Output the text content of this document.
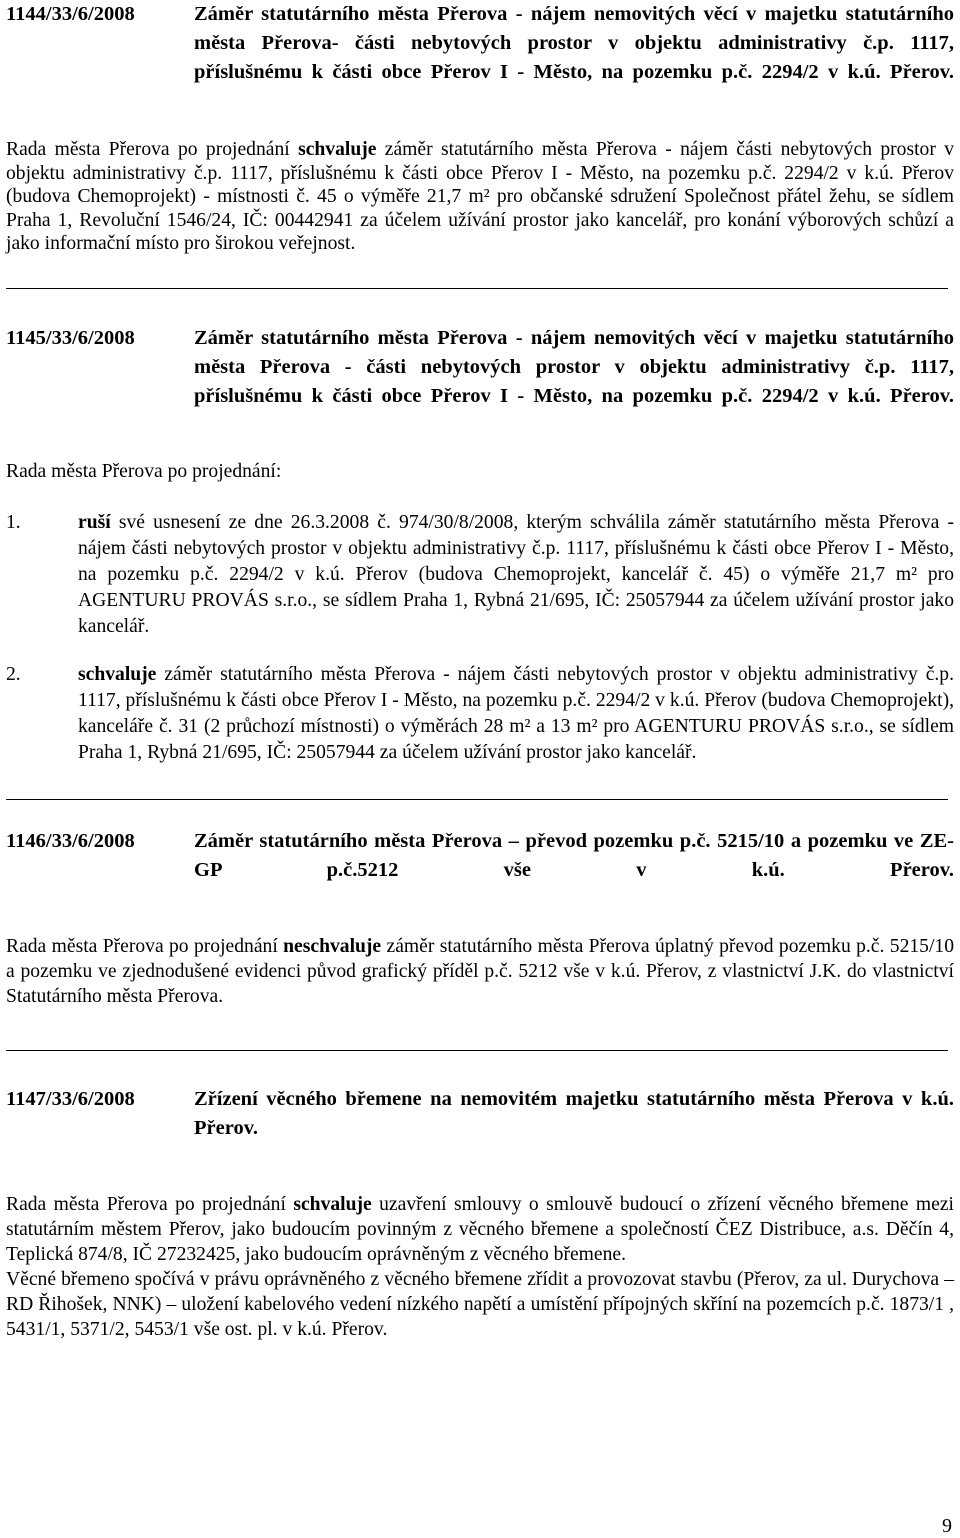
1144/33/6/2008	Záměr statutárního města Přerova - nájem nemovitých věcí v majetku statutárního města Přerova- části nebytových prostor v objektu administrativy č.p. 1117, příslušnému k části obce Přerov I - Město, na pozemku p.č. 2294/2 v k.ú. Přerov.

Rada města Přerova po projednání schvaluje záměr statutárního města Přerova - nájem části nebytových prostor v objektu administrativy č.p. 1117, příslušnému k části obce Přerov I - Město, na pozemku p.č. 2294/2 v k.ú. Přerov (budova Chemoprojekt) - místnosti č. 45 o výměře 21,7 m² pro občanské sdružení Společnost přátel žehu, se sídlem Praha 1, Revoluční 1546/24, IČ: 00442941 za účelem užívání prostor jako kancelář, pro konání výborových schůzí a jako informační místo pro širokou veřejnost.

1145/33/6/2008	Záměr statutárního města Přerova - nájem nemovitých věcí v majetku statutárního města Přerova - části nebytových prostor v objektu administrativy č.p. 1117, příslušnému k části obce Přerov I - Město, na pozemku p.č. 2294/2 v k.ú. Přerov.

Rada města Přerova po projednání:

1.	ruší své usnesení ze dne 26.3.2008 č. 974/30/8/2008, kterým schválila záměr statutárního města Přerova - nájem části nebytových prostor v objektu administrativy č.p. 1117, příslušnému k části obce Přerov I - Město, na pozemku p.č. 2294/2 v k.ú. Přerov (budova Chemoprojekt, kancelář č. 45) o výměře 21,7 m² pro AGENTURU PROVÁS s.r.o., se sídlem Praha 1, Rybná 21/695, IČ: 25057944 za účelem užívání prostor jako kancelář.
2.	schvaluje záměr statutárního města Přerova - nájem části nebytových prostor v objektu administrativy č.p. 1117, příslušnému k části obce Přerov I - Město, na pozemku p.č. 2294/2 v k.ú. Přerov (budova Chemoprojekt), kanceláře č. 31 (2 průchozí místnosti) o výměrách 28 m² a 13 m² pro AGENTURU PROVÁS s.r.o., se sídlem Praha 1, Rybná 21/695, IČ: 25057944 za účelem užívání prostor jako kancelář.
1146/33/6/2008	Záměr statutárního města Přerova – převod pozemku p.č. 5215/10 a pozemku ve ZE-GP p.č.5212 vše v k.ú. Přerov.

Rada města Přerova po projednání neschvaluje záměr statutárního města Přerova úplatný převod pozemku p.č. 5215/10 a pozemku ve zjednodušené evidenci původ grafický příděl p.č. 5212 vše v k.ú. Přerov, z vlastnictví J.K. do vlastnictví Statutárního města Přerova.

1147/33/6/2008	Zřízení věcného břemene na nemovitém majetku statutárního města Přerova v k.ú. Přerov.

Rada města Přerova po projednání schvaluje uzavření smlouvy o smlouvě budoucí o zřízení věcného břemene mezi statutárním městem Přerov, jako budoucím povinným z věcného břemene a společností ČEZ Distribuce, a.s. Děčín 4, Teplická 874/8, IČ 27232425, jako budoucím oprávněným z věcného břemene.

Věcné břemeno spočívá v právu oprávněného z věcného břemene zřídit a provozovat stavbu (Přerov, za ul. Durychova – RD Řihošek, NNK) – uložení kabelového vedení nízkého napětí a umístění přípojných skříní na pozemcích p.č. 1873/1 , 5431/1, 5371/2, 5453/1 vše ost. pl. v k.ú. Přerov.

9
